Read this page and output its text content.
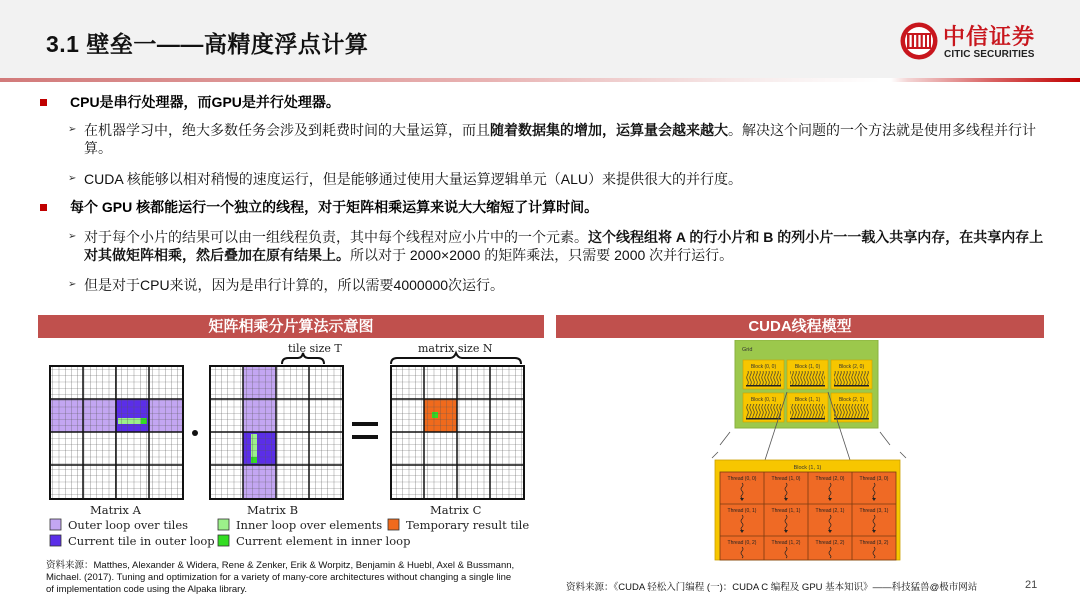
3.1 壁垒一——高精度浮点计算	中信证券
CITIC SECURITIES
CPU是串行处理器，而GPU是并行处理器。
➢ 在机器学习中，绝大多数任务会涉及到耗费时间的大量运算，而且随着数据集的增加，运算量会越来越大。解决这个问题的一个方法就是使用多线程并行计算。
➢ CUDA 核能够以相对稍慢的速度运行，但是能够通过使用大量运算逻辑单元（ALU）来提供很大的并行度。
每个 GPU 核都能运行一个独立的线程，对于矩阵相乘运算来说大大缩短了计算时间。
➢ 对于每个小片的结果可以由一组线程负责，其中每个线程对应小片中的一个元素。这个线程组将 A 的行小片和 B 的列小片一一载入共享内存，在共享内存上对其做矩阵相乘，然后叠加在原有结果上。所以对于 2000×2000 的矩阵乘法，只需要 2000 次并行运行。
➢ 但是对于CPU来说，因为是串行计算的，所以需要4000000次运行。
矩阵相乘分片算法示意图	CUDA线程模型
tile size T	matrix size N
Matrix A	Matrix B	Matrix C
Outer loop over tiles
Current tile in outer loop
Inner loop over elements
Current element in inner loop
Temporary result tile
Grid
Block (0, 0)	Block (1, 0)	Block (2, 0)
Block (0, 1)	Block (1, 1)	Block (2, 1)
Block (1, 1)
Thread (0, 0)	Thread (1, 0)	Thread (2, 0)	Thread (3, 0)
Thread (0, 1)	Thread (1, 1)	Thread (2, 1)	Thread (3, 1)
Thread (0, 2)	Thread (1, 2)	Thread (2, 2)	Thread (3, 2)
资料来源：Matthes, Alexander & Widera, Rene & Zenker, Erik & Worpitz, Benjamin & Huebl, Axel & Bussmann, Michael. (2017). Tuning and optimization for a variety of many-core architectures without changing a single line of implementation code using the Alpaka library.	资料来源：《CUDA 轻松入门编程 (一)：CUDA C 编程及 GPU 基本知识》——科技猛兽@极市网站	21
